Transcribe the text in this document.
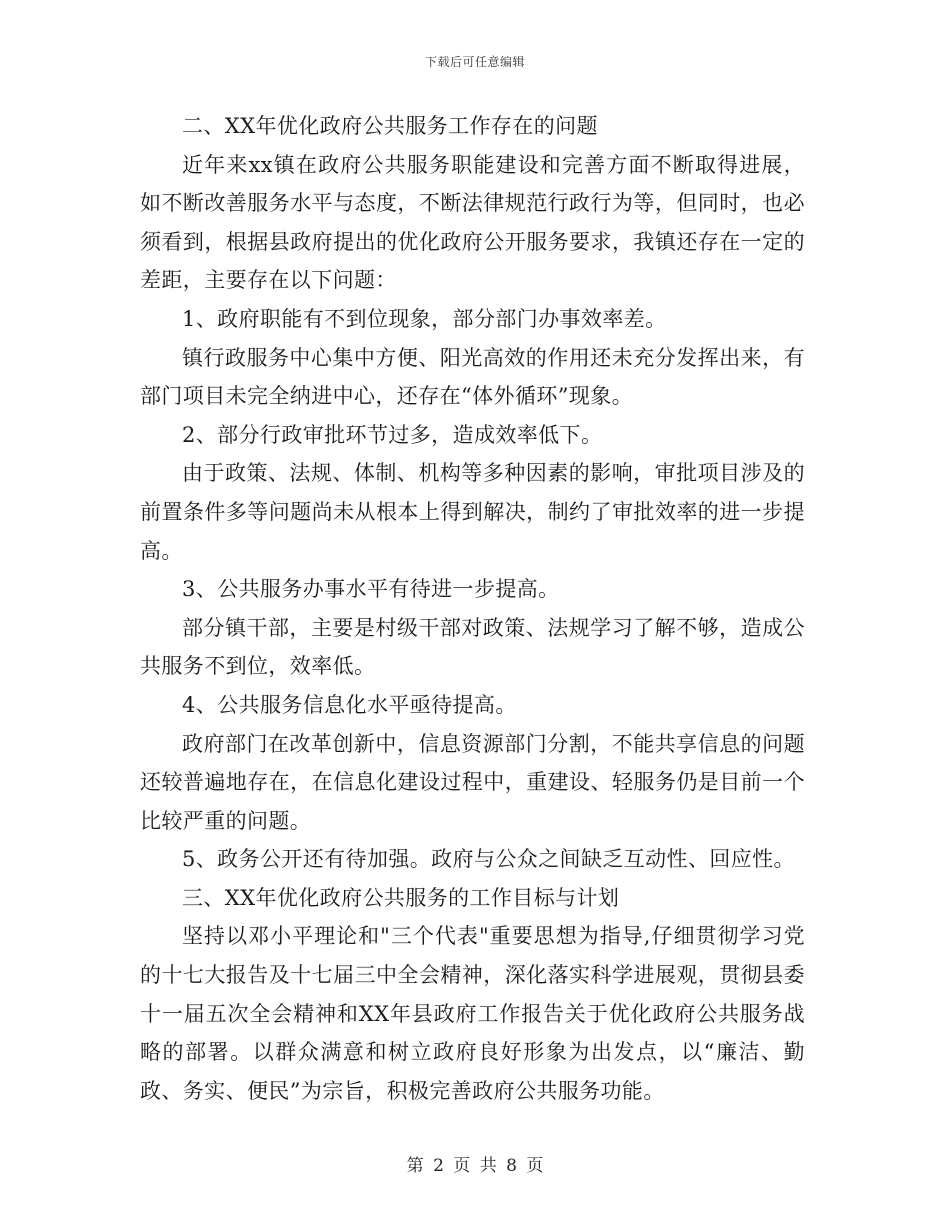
下载后可任意编辑

二、XX年优化政府公共服务工作存在的问题

近年来xx镇在政府公共服务职能建设和完善方面不断取得进展，如不断改善服务水平与态度，不断法律规范行政行为等，但同时，也必须看到，根据县政府提出的优化政府公开服务要求，我镇还存在一定的差距，主要存在以下问题：

1、政府职能有不到位现象，部分部门办事效率差。

镇行政服务中心集中方便、阳光高效的作用还未充分发挥出来，有部门项目未完全纳进中心，还存在“体外循环”现象。

2、部分行政审批环节过多，造成效率低下。

由于政策、法规、体制、机构等多种因素的影响，审批项目涉及的前置条件多等问题尚未从根本上得到解决，制约了审批效率的进一步提高。

3、公共服务办事水平有待进一步提高。

部分镇干部，主要是村级干部对政策、法规学习了解不够，造成公共服务不到位，效率低。

4、公共服务信息化水平亟待提高。

政府部门在改革创新中，信息资源部门分割，不能共享信息的问题还较普遍地存在，在信息化建设过程中，重建设、轻服务仍是目前一个比较严重的问题。

5、政务公开还有待加强。政府与公众之间缺乏互动性、回应性。

三、XX年优化政府公共服务的工作目标与计划

坚持以邓小平理论和"三个代表"重要思想为指导,仔细贯彻学习党的十七大报告及十七届三中全会精神，深化落实科学进展观，贯彻县委十一届五次全会精神和XX年县政府工作报告关于优化政府公共服务战略的部署。以群众满意和树立政府良好形象为出发点，以“廉洁、勤政、务实、便民”为宗旨，积极完善政府公共服务功能。

第 2 页 共 8 页
